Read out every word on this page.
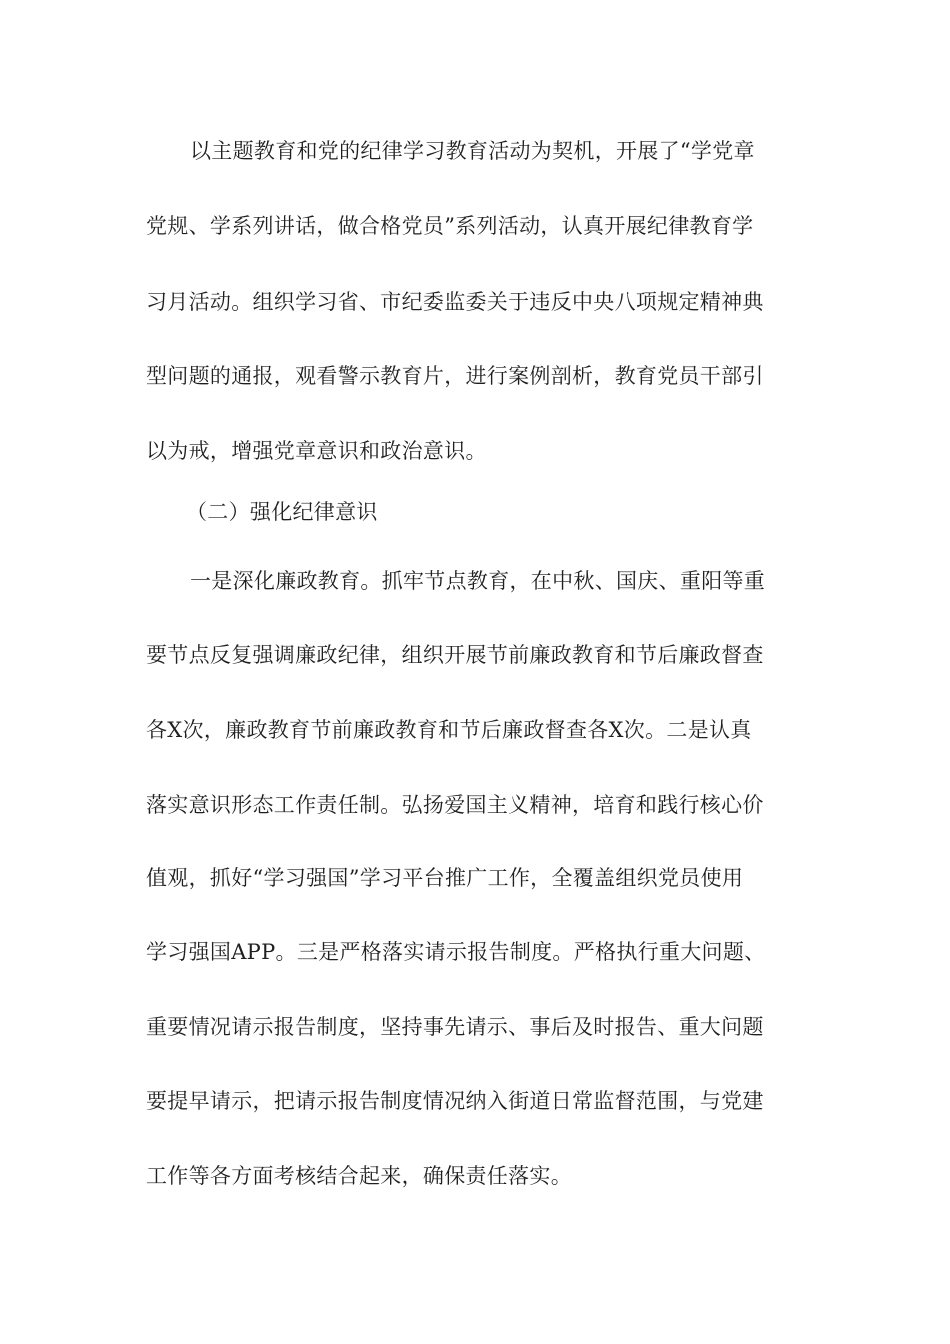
以主题教育和党的纪律学习教育活动为契机，开展了“学党章

党规、学系列讲话，做合格党员”系列活动，认真开展纪律教育学

习月活动。组织学习省、市纪委监委关于违反中央八项规定精神典

型问题的通报，观看警示教育片，进行案例剖析，教育党员干部引

以为戒，增强党章意识和政治意识。

（二）强化纪律意识

一是深化廉政教育。抓牢节点教育，在中秋、国庆、重阳等重

要节点反复强调廉政纪律，组织开展节前廉政教育和节后廉政督查

各X次，廉政教育节前廉政教育和节后廉政督查各X次。二是认真

落实意识形态工作责任制。弘扬爱国主义精神，培育和践行核心价

值观，抓好“学习强国”学习平台推广工作，全覆盖组织党员使用

学习强国APP。三是严格落实请示报告制度。严格执行重大问题、

重要情况请示报告制度，坚持事先请示、事后及时报告、重大问题

要提早请示，把请示报告制度情况纳入街道日常监督范围，与党建

工作等各方面考核结合起来，确保责任落实。
